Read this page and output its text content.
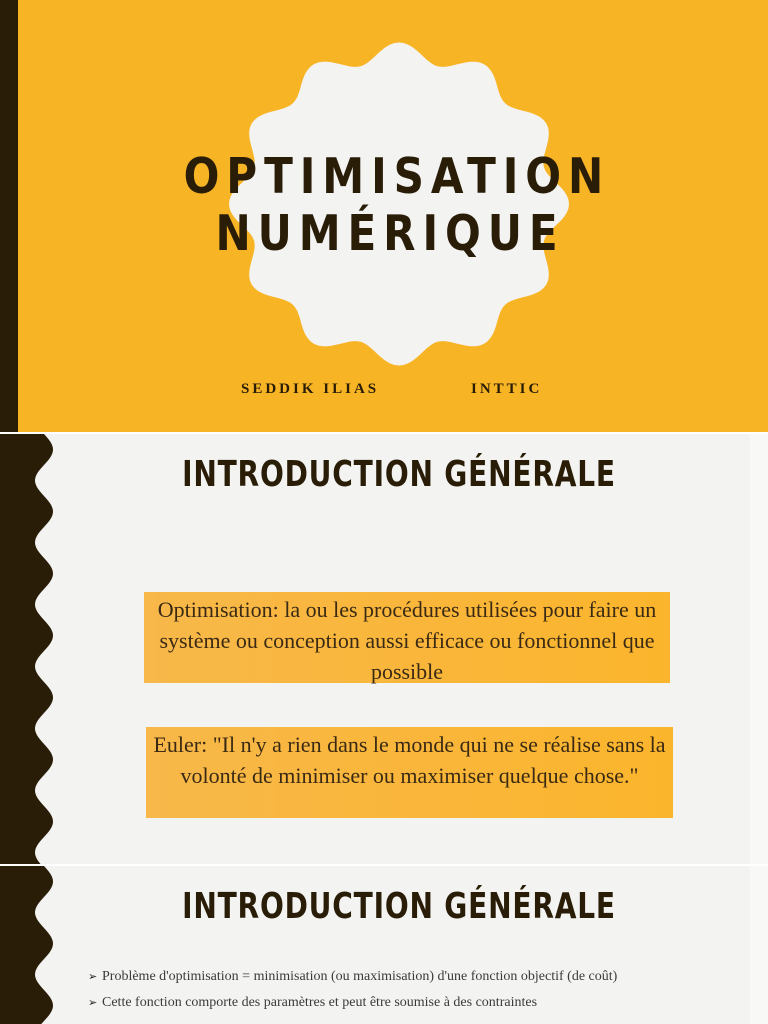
OPTIMISATION
NUMÉRIQUE

SEDDIK ILIAS	INTTIC

INTRODUCTION GÉNÉRALE
Optimisation: la ou les procédures utilisées pour faire un système ou conception aussi efficace ou fonctionnel que possible
Euler: "Il n'y a rien dans le monde qui ne se réalise sans la volonté de minimiser ou maximiser quelque chose."
INTRODUCTION GÉNÉRALE
➢ Problème d'optimisation = minimisation (ou maximisation) d'une fonction objectif (de coût)
➢ Cette fonction comporte des paramètres et peut être soumise à des contraintes
